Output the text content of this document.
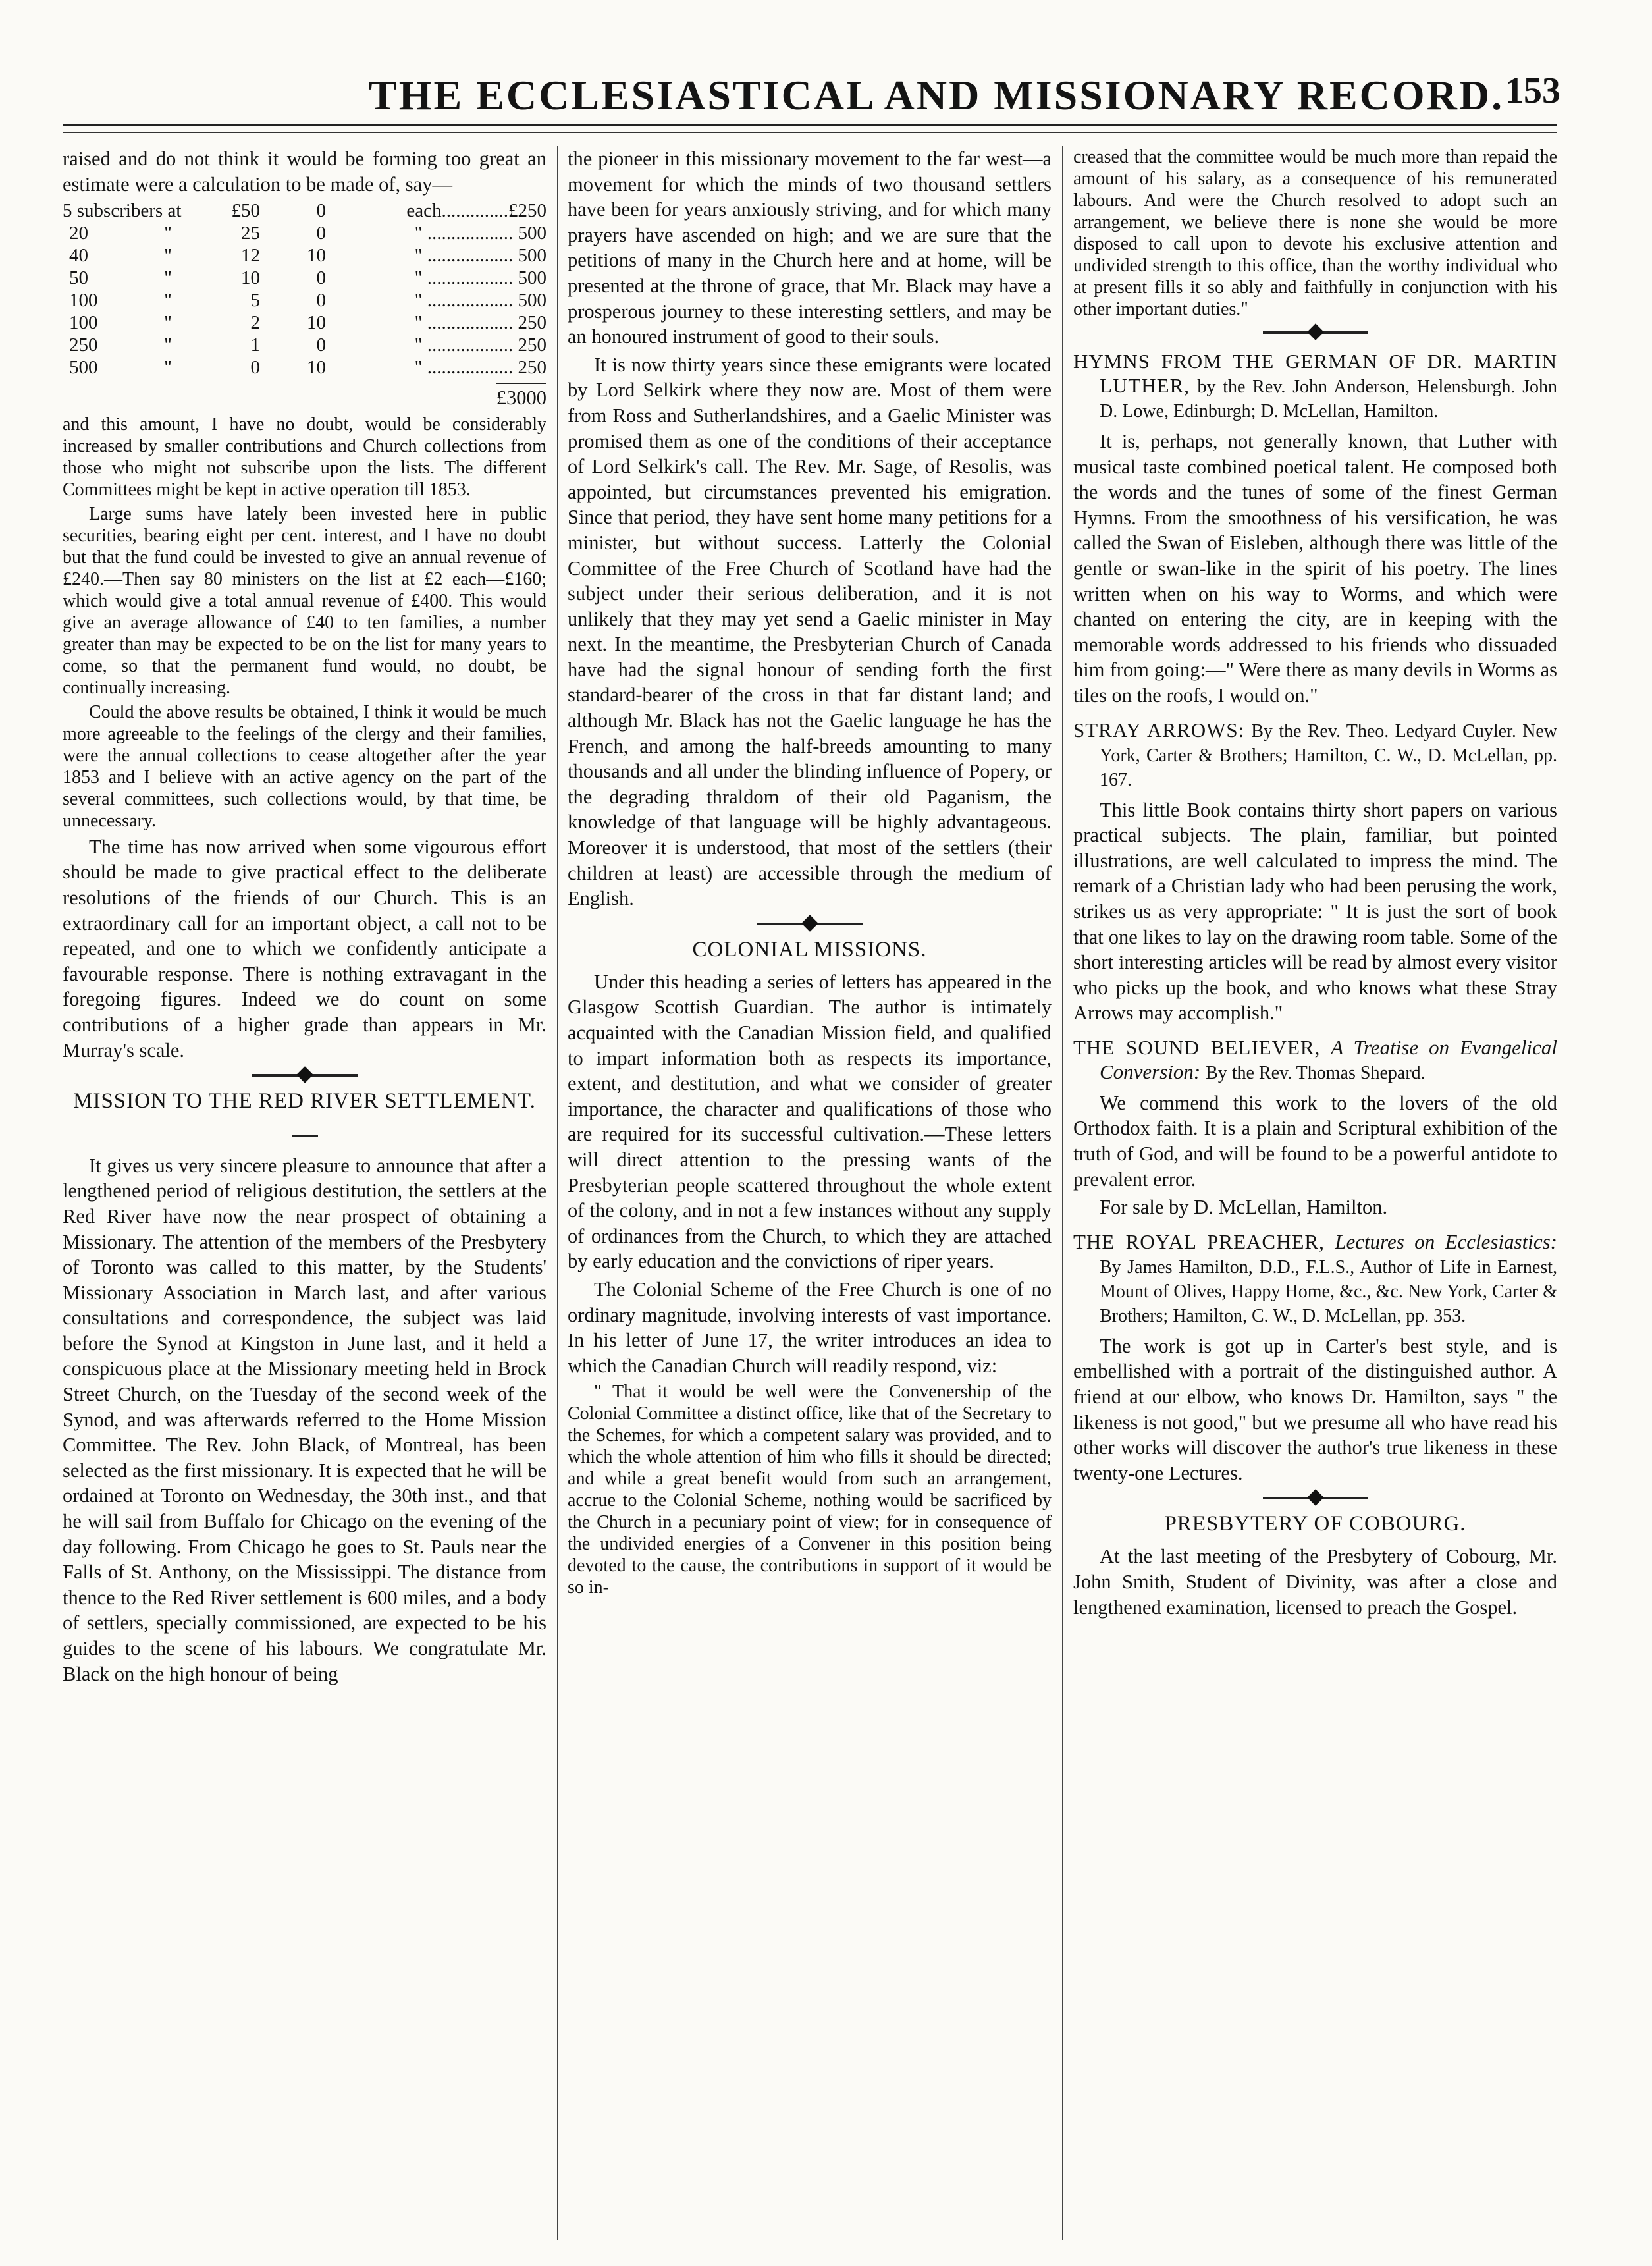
THE ECCLESIASTICAL AND MISSIONARY RECORD. 153

raised and do not think it would be forming too great an estimate were a calculation to be made of, say—

5 subscribers at		£50	0	each..............£250
20	"	25	0	" .................. 500
40	"	12	10	" .................. 500
50	"	10	0	" .................. 500
100	"	5	0	" .................. 500
100	"	2	10	" .................. 250
250	"	1	0	" .................. 250
500	"	0	10	" .................. 250
£3000

and this amount, I have no doubt, would be considerably increased by smaller contributions and Church collections from those who might not subscribe upon the lists. The different Committees might be kept in active operation till 1853.

Large sums have lately been invested here in public securities, bearing eight per cent. interest, and I have no doubt but that the fund could be invested to give an annual revenue of £240.—Then say 80 ministers on the list at £2 each—£160; which would give a total annual revenue of £400. This would give an average allowance of £40 to ten families, a number greater than may be expected to be on the list for many years to come, so that the permanent fund would, no doubt, be continually increasing.

Could the above results be obtained, I think it would be much more agreeable to the feelings of the clergy and their families, were the annual collections to cease altogether after the year 1853 and I believe with an active agency on the part of the several committees, such collections would, by that time, be unnecessary.

The time has now arrived when some vigourous effort should be made to give practical effect to the deliberate resolutions of the friends of our Church. This is an extraordinary call for an important object, a call not to be repeated, and one to which we confidently anticipate a favourable response. There is nothing extravagant in the foregoing figures. Indeed we do count on some contributions of a higher grade than appears in Mr. Murray's scale.

MISSION TO THE RED RIVER SETTLEMENT.

It gives us very sincere pleasure to announce that after a lengthened period of religious destitution, the settlers at the Red River have now the near prospect of obtaining a Missionary. The attention of the members of the Presbytery of Toronto was called to this matter, by the Students' Missionary Association in March last, and after various consultations and correspondence, the subject was laid before the Synod at Kingston in June last, and it held a conspicuous place at the Missionary meeting held in Brock Street Church, on the Tuesday of the second week of the Synod, and was afterwards referred to the Home Mission Committee. The Rev. John Black, of Montreal, has been selected as the first missionary. It is expected that he will be ordained at Toronto on Wednesday, the 30th inst., and that he will sail from Buffalo for Chicago on the evening of the day following. From Chicago he goes to St. Pauls near the Falls of St. Anthony, on the Mississippi. The distance from thence to the Red River settlement is 600 miles, and a body of settlers, specially commissioned, are expected to be his guides to the scene of his labours. We congratulate Mr. Black on the high honour of being

the pioneer in this missionary movement to the far west—a movement for which the minds of two thousand settlers have been for years anxiously striving, and for which many prayers have ascended on high; and we are sure that the petitions of many in the Church here and at home, will be presented at the throne of grace, that Mr. Black may have a prosperous journey to these interesting settlers, and may be an honoured instrument of good to their souls.

It is now thirty years since these emigrants were located by Lord Selkirk where they now are. Most of them were from Ross and Sutherlandshires, and a Gaelic Minister was promised them as one of the conditions of their acceptance of Lord Selkirk's call. The Rev. Mr. Sage, of Resolis, was appointed, but circumstances prevented his emigration. Since that period, they have sent home many petitions for a minister, but without success. Latterly the Colonial Committee of the Free Church of Scotland have had the subject under their serious deliberation, and it is not unlikely that they may yet send a Gaelic minister in May next. In the meantime, the Presbyterian Church of Canada have had the signal honour of sending forth the first standard-bearer of the cross in that far distant land; and although Mr. Black has not the Gaelic language he has the French, and among the half-breeds amounting to many thousands and all under the blinding influence of Popery, or the degrading thraldom of their old Paganism, the knowledge of that language will be highly advantageous. Moreover it is understood, that most of the settlers (their children at least) are accessible through the medium of English.

COLONIAL MISSIONS.

Under this heading a series of letters has appeared in the Glasgow Scottish Guardian. The author is intimately acquainted with the Canadian Mission field, and qualified to impart information both as respects its importance, extent, and destitution, and what we consider of greater importance, the character and qualifications of those who are required for its successful cultivation.—These letters will direct attention to the pressing wants of the Presbyterian people scattered throughout the whole extent of the colony, and in not a few instances without any supply of ordinances from the Church, to which they are attached by early education and the convictions of riper years.

The Colonial Scheme of the Free Church is one of no ordinary magnitude, involving interests of vast importance. In his letter of June 17, the writer introduces an idea to which the Canadian Church will readily respond, viz:

" That it would be well were the Convenership of the Colonial Committee a distinct office, like that of the Secretary to the Schemes, for which a competent salary was provided, and to which the whole attention of him who fills it should be directed; and while a great benefit would from such an arrangement, accrue to the Colonial Scheme, nothing would be sacrificed by the Church in a pecuniary point of view; for in consequence of the undivided energies of a Convener in this position being devoted to the cause, the contributions in support of it would be so in-

creased that the committee would be much more than repaid the amount of his salary, as a consequence of his remunerated labours. And were the Church resolved to adopt such an arrangement, we believe there is none she would be more disposed to call upon to devote his exclusive attention and undivided strength to this office, than the worthy individual who at present fills it so ably and faithfully in conjunction with his other important duties."

HYMNS FROM THE GERMAN OF DR. MARTIN LUTHER, by the Rev. John Anderson, Helensburgh. John D. Lowe, Edinburgh; D. McLellan, Hamilton.

It is, perhaps, not generally known, that Luther with musical taste combined poetical talent. He composed both the words and the tunes of some of the finest German Hymns. From the smoothness of his versification, he was called the Swan of Eisleben, although there was little of the gentle or swan-like in the spirit of his poetry. The lines written when on his way to Worms, and which were chanted on entering the city, are in keeping with the memorable words addressed to his friends who dissuaded him from going:—" Were there as many devils in Worms as tiles on the roofs, I would on."

STRAY ARROWS: By the Rev. Theo. Ledyard Cuyler. New York, Carter & Brothers; Hamilton, C. W., D. McLellan, pp. 167.

This little Book contains thirty short papers on various practical subjects. The plain, familiar, but pointed illustrations, are well calculated to impress the mind. The remark of a Christian lady who had been perusing the work, strikes us as very appropriate: " It is just the sort of book that one likes to lay on the drawing room table. Some of the short interesting articles will be read by almost every visitor who picks up the book, and who knows what these Stray Arrows may accomplish."

THE SOUND BELIEVER, A Treatise on Evangelical Conversion: By the Rev. Thomas Shepard.

We commend this work to the lovers of the old Orthodox faith. It is a plain and Scriptural exhibition of the truth of God, and will be found to be a powerful antidote to prevalent error.

For sale by D. McLellan, Hamilton.

THE ROYAL PREACHER, Lectures on Ecclesiastics: By James Hamilton, D.D., F.L.S., Author of Life in Earnest, Mount of Olives, Happy Home, &c., &c. New York, Carter & Brothers; Hamilton, C. W., D. McLellan, pp. 353.

The work is got up in Carter's best style, and is embellished with a portrait of the distinguished author. A friend at our elbow, who knows Dr. Hamilton, says " the likeness is not good," but we presume all who have read his other works will discover the author's true likeness in these twenty-one Lectures.

PRESBYTERY OF COBOURG.

At the last meeting of the Presbytery of Cobourg, Mr. John Smith, Student of Divinity, was after a close and lengthened examination, licensed to preach the Gospel.
